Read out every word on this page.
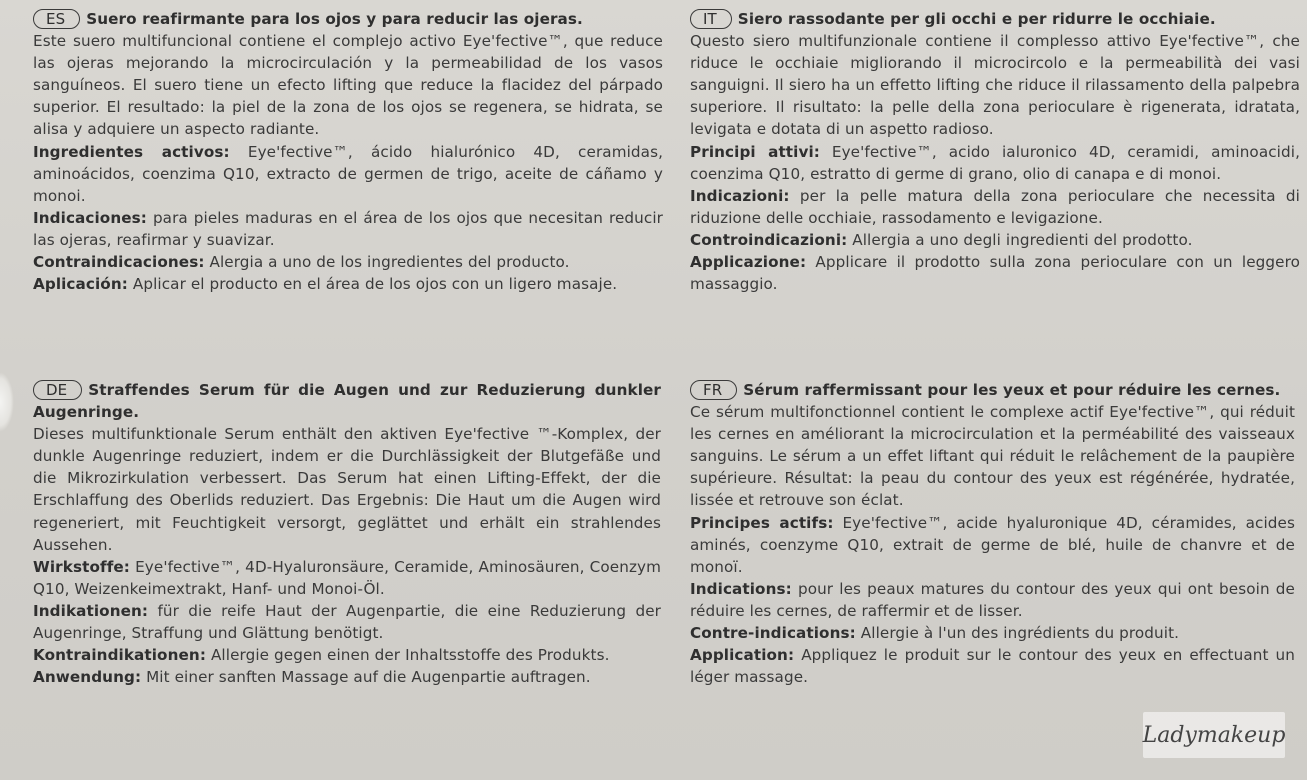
ES Suero reafirmante para los ojos y para reducir las ojeras.

Este suero multifuncional contiene el complejo activo Eye'fective™, que reduce las ojeras mejorando la microcirculación y la permeabilidad de los vasos sanguíneos. El suero tiene un efecto lifting que reduce la flacidez del párpado superior. El resultado: la piel de la zona de los ojos se regenera, se hidrata, se alisa y adquiere un aspecto radiante.

Ingredientes activos: Eye'fective™, ácido hialurónico 4D, ceramidas, aminoácidos, coenzima Q10, extracto de germen de trigo, aceite de cáñamo y monoi.

Indicaciones: para pieles maduras en el área de los ojos que necesitan reducir las ojeras, reafirmar y suavizar.

Contraindicaciones: Alergia a uno de los ingredientes del producto.

Aplicación: Aplicar el producto en el área de los ojos con un ligero masaje.

IT Siero rassodante per gli occhi e per ridurre le occhiaie.

Questo siero multifunzionale contiene il complesso attivo Eye'fective™, che riduce le occhiaie migliorando il microcircolo e la permeabilità dei vasi sanguigni. Il siero ha un effetto lifting che riduce il rilassamento della palpebra superiore. Il risultato: la pelle della zona perioculare è rigenerata, idratata, levigata e dotata di un aspetto radioso.

Principi attivi: Eye'fective™, acido ialuronico 4D, ceramidi, aminoacidi, coenzima Q10, estratto di germe di grano, olio di canapa e di monoi.

Indicazioni: per la pelle matura della zona perioculare che necessita di riduzione delle occhiaie, rassodamento e levigazione.

Controindicazioni: Allergia a uno degli ingredienti del prodotto.

Applicazione: Applicare il prodotto sulla zona perioculare con un leggero massaggio.

DE Straffendes Serum für die Augen und zur Reduzierung dunkler Augenringe.

Dieses multifunktionale Serum enthält den aktiven Eye'fective ™-Komplex, der dunkle Augenringe reduziert, indem er die Durchlässigkeit der Blutgefäße und die Mikrozirkulation verbessert. Das Serum hat einen Lifting-Effekt, der die Erschlaffung des Oberlids reduziert. Das Ergebnis: Die Haut um die Augen wird regeneriert, mit Feuchtigkeit versorgt, geglättet und erhält ein strahlendes Aussehen.

Wirkstoffe: Eye'fective™, 4D-Hyaluronsäure, Ceramide, Aminosäuren, Coenzym Q10, Weizenkeimextrakt, Hanf- und Monoi-Öl.

Indikationen: für die reife Haut der Augenpartie, die eine Reduzierung der Augenringe, Straffung und Glättung benötigt.

Kontraindikationen: Allergie gegen einen der Inhaltsstoffe des Produkts.

Anwendung: Mit einer sanften Massage auf die Augenpartie auftragen.

FR Sérum raffermissant pour les yeux et pour réduire les cernes.

Ce sérum multifonctionnel contient le complexe actif Eye'fective™, qui réduit les cernes en améliorant la microcirculation et la perméabilité des vaisseaux sanguins. Le sérum a un effet liftant qui réduit le relâchement de la paupière supérieure. Résultat: la peau du contour des yeux est régénérée, hydratée, lissée et retrouve son éclat.

Principes actifs: Eye'fective™, acide hyaluronique 4D, céramides, acides aminés, coenzyme Q10, extrait de germe de blé, huile de chanvre et de monoï.

Indications: pour les peaux matures du contour des yeux qui ont besoin de réduire les cernes, de raffermir et de lisser.

Contre-indications: Allergie à l'un des ingrédients du produit.

Application: Appliquez le produit sur le contour des yeux en effectuant un léger massage.

Ladymakeup
